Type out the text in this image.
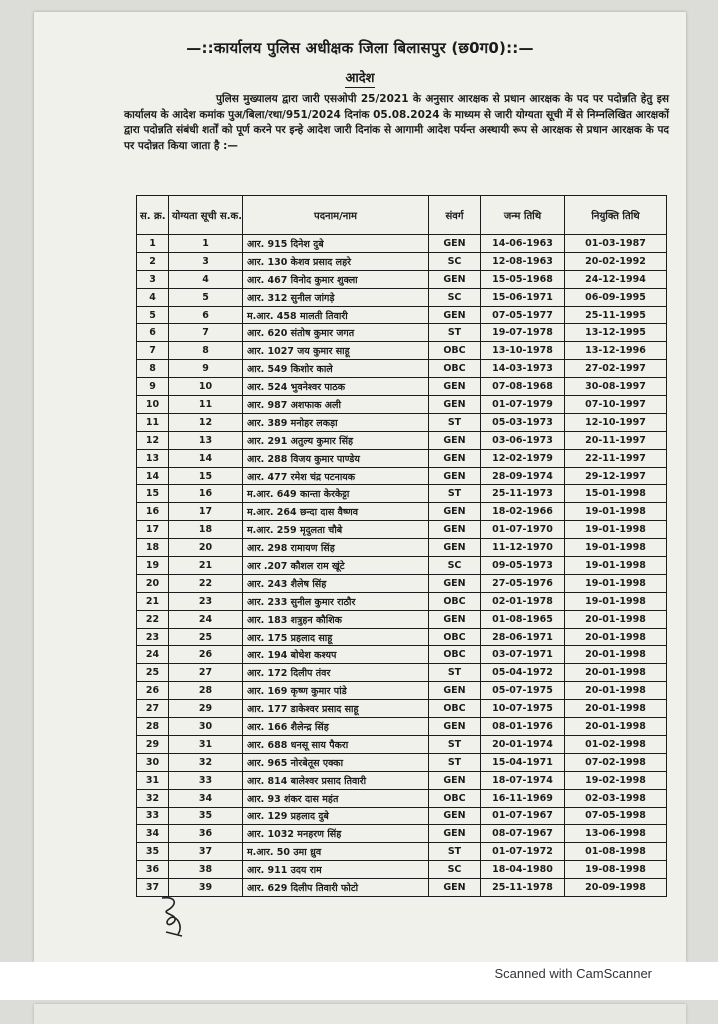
—::कार्यालय पुलिस अधीक्षक जिला बिलासपुर (छ0ग0)::—
आदेश
पुलिस मुख्यालय द्वारा जारी एसओपी 25/2021 के अनुसार आरक्षक से प्रधान आरक्षक के पद पर पदोन्नति हेतु इस कार्यालय के आदेश कमांक पुअ/बिला/रथा/951/2024 दिनांक 05.08.2024 के माध्यम से जारी योग्यता सूची में से निम्नलिखित आरक्षकों द्वारा पदोन्नति संबंधी शर्तों को पूर्ण करने पर इन्हे आदेश जारी दिनांक से आगामी आदेश पर्यन्त अस्थायी रूप से आरक्षक से प्रधान आरक्षक के पद पर पदोन्नत किया जाता है :—
स. क्र.	योग्यता सूची स.क.	पदनाम/नाम	संवर्ग	जन्म तिथि	नियुक्ति तिथि
1	1	आर. 915 दिनेश दुबे	GEN	14-06-1963	01-03-1987
2	3	आर. 130 केशव प्रसाद लहरे	SC	12-08-1963	20-02-1992
3	4	आर. 467 विनोद कुमार शुक्ला	GEN	15-05-1968	24-12-1994
4	5	आर. 312 सुनील जांगड़े	SC	15-06-1971	06-09-1995
5	6	म.आर. 458 मालती तिवारी	GEN	07-05-1977	25-11-1995
6	7	आर. 620 संतोष कुमार जगत	ST	19-07-1978	13-12-1995
7	8	आर. 1027 जय कुमार साहू	OBC	13-10-1978	13-12-1996
8	9	आर. 549 किशोर काले	OBC	14-03-1973	27-02-1997
9	10	आर. 524 भुवनेश्वर पाठक	GEN	07-08-1968	30-08-1997
10	11	आर. 987 अशफाक अली	GEN	01-07-1979	07-10-1997
11	12	आर. 389 मनोहर लकड़ा	ST	05-03-1973	12-10-1997
12	13	आर. 291 अतुल्य कुमार सिंह	GEN	03-06-1973	20-11-1997
13	14	आर. 288 विजय कुमार पाण्डेय	GEN	12-02-1979	22-11-1997
14	15	आर. 477 रमेश चंद्र पटनायक	GEN	28-09-1974	29-12-1997
15	16	म.आर. 649 कान्ता केरकेट्टा	ST	25-11-1973	15-01-1998
16	17	म.आर. 264 छन्दा दास वैष्णव	GEN	18-02-1966	19-01-1998
17	18	म.आर. 259 मृदुलता चौबे	GEN	01-07-1970	19-01-1998
18	20	आर. 298 रामायण सिंह	GEN	11-12-1970	19-01-1998
19	21	आर .207 कौशल राम खूंटे	SC	09-05-1973	19-01-1998
20	22	आर. 243 शैलेष सिंह	GEN	27-05-1976	19-01-1998
21	23	आर. 233 सुनील कुमार राठौर	OBC	02-01-1978	19-01-1998
22	24	आर. 183 शत्रुहन कौशिक	GEN	01-08-1965	20-01-1998
23	25	आर. 175 प्रहलाद साहू	OBC	28-06-1971	20-01-1998
24	26	आर. 194 बोधेश कश्यप	OBC	03-07-1971	20-01-1998
25	27	आर. 172 दिलीप तंवर	ST	05-04-1972	20-01-1998
26	28	आर. 169 कृष्ण कुमार पांडे	GEN	05-07-1975	20-01-1998
27	29	आर. 177 डाकेश्वर प्रसाद साहू	OBC	10-07-1975	20-01-1998
28	30	आर. 166 शैलेन्द्र सिंह	GEN	08-01-1976	20-01-1998
29	31	आर. 688 धनसू साय पैकरा	ST	20-01-1974	01-02-1998
30	32	आर. 965 नोरबेतूस एक्का	ST	15-04-1971	07-02-1998
31	33	आर. 814 बालेश्वर प्रसाद तिवारी	GEN	18-07-1974	19-02-1998
32	34	आर. 93 शंकर दास महंत	OBC	16-11-1969	02-03-1998
33	35	आर. 129 प्रहलाद दुबे	GEN	01-07-1967	07-05-1998
34	36	आर. 1032 मनहरण सिंह	GEN	08-07-1967	13-06-1998
35	37	म.आर. 50 उमा ध्रुव	ST	01-07-1972	01-08-1998
36	38	आर. 911 उदय राम	SC	18-04-1980	19-08-1998
37	39	आर. 629 दिलीप तिवारी फोटो	GEN	25-11-1978	20-09-1998
Scanned with CamScanner
